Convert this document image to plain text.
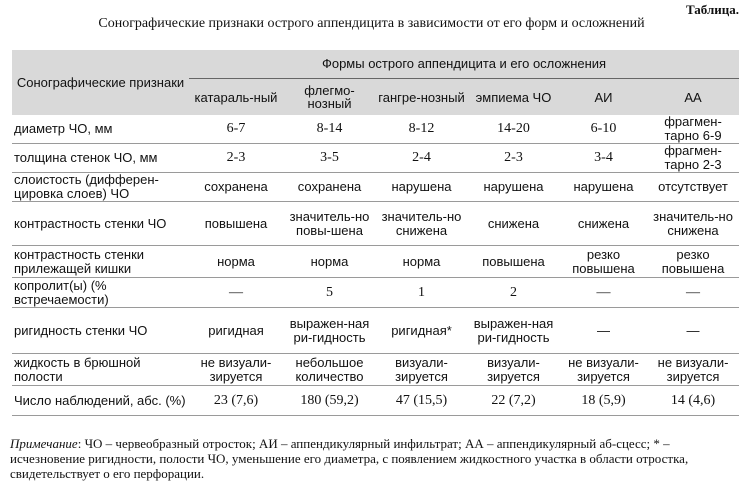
Таблица.
Сонографические признаки острого аппендицита в зависимости от его форм и осложнений
Сонографические признаки	Формы острого аппендицита и его осложнения					
	катараль-ный	флегмо-нозный	гангре-нозный	эмпиема ЧО	АИ	АА
диаметр ЧО, мм	6-7	8-14	8-12	14-20	6-10	фрагмен-тарно 6-9
толщина стенок ЧО, мм	2-3	3-5	2-4	2-3	3-4	фрагмен-тарно 2-3
слоистость (дифферен-цировка слоев) ЧО	сохранена	сохранена	нарушена	нарушена	нарушена	отсутствует
контрастность стенки ЧО	повышена	значитель-но повы-шена	значитель-но снижена	снижена	снижена	значитель-но снижена
контрастность стенки прилежащей кишки	норма	норма	норма	повышена	резко повышена	резко повышена
копролит(ы) (% встречаемости)	—	5	1	2	—	—
ригидность стенки ЧО	ригидная	выражен-ная ри-гидность	ригидная*	выражен-ная ри-гидность	—	—
жидкость в брюшной полости	не визуали-зируется	небольшое количество	визуали-зируется	визуали-зируется	не визуали-зируется	не визуали-зируется
Число наблюдений, абс. (%)	23 (7,6)	180 (59,2)	47 (15,5)	22 (7,2)	18 (5,9)	14 (4,6)
Примечание: ЧО – червеобразный отросток; АИ – аппендикулярный инфильтрат; АА – аппендикулярный аб-сцесс; * – исчезновение ригидности, полости ЧО, уменьшение его диаметра, с появлением жидкостного участка в области отростка, свидетельствует о его перфорации.
